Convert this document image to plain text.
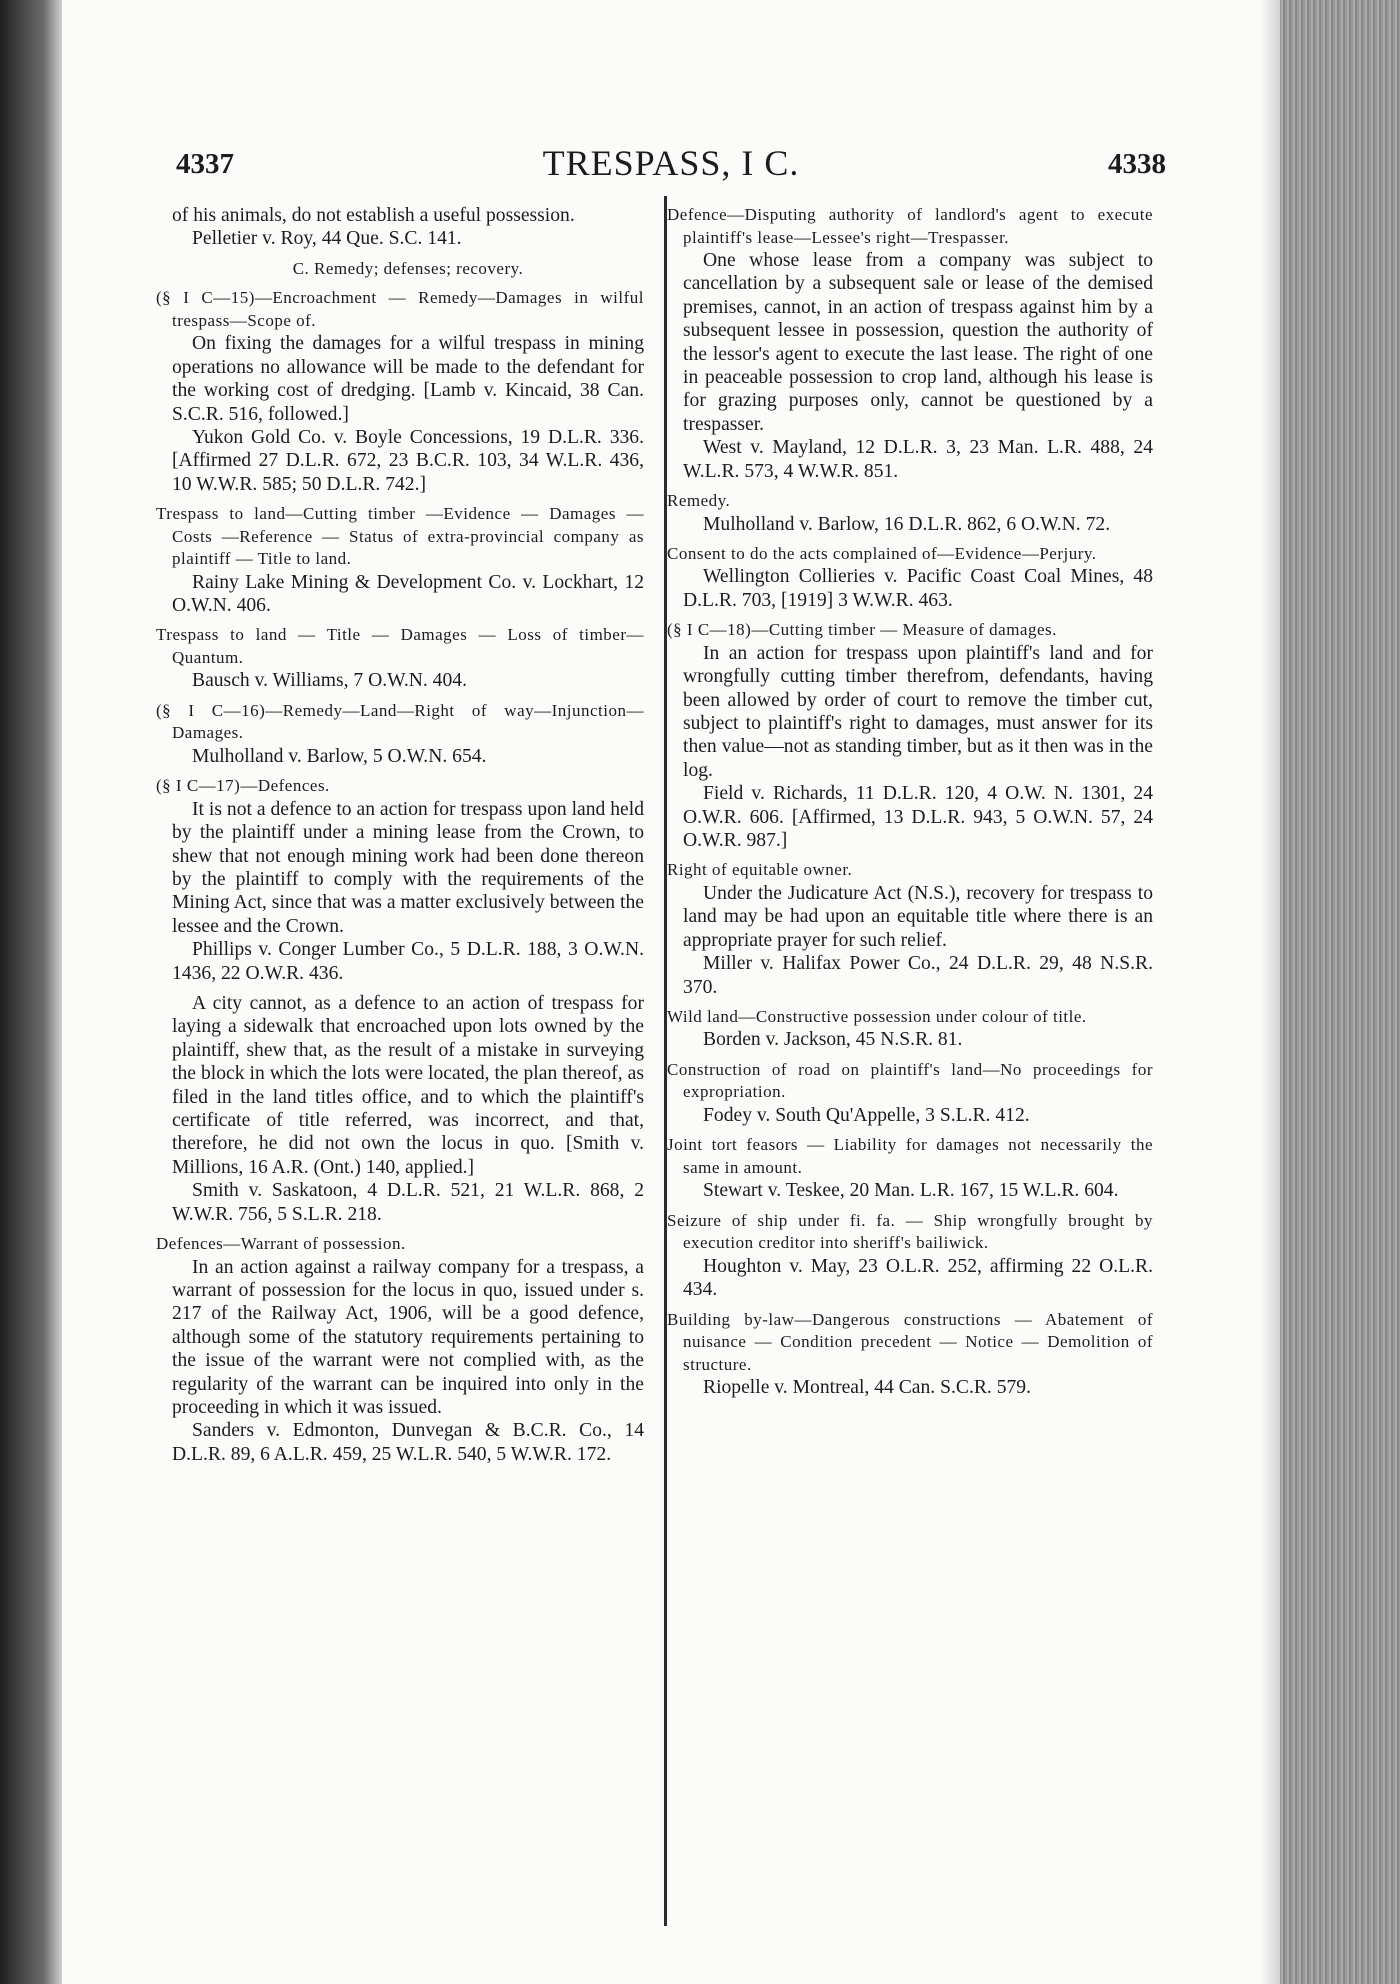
4337	TRESPASS, I C.	4338

of his animals, do not establish a useful possession.

Pelletier v. Roy, 44 Que. S.C. 141.

C. Remedy; defenses; recovery.

(§ I C—15)—Encroachment — Remedy—Damages in wilful trespass—Scope of.

On fixing the damages for a wilful trespass in mining operations no allowance will be made to the defendant for the working cost of dredging. [Lamb v. Kincaid, 38 Can. S.C.R. 516, followed.]

Yukon Gold Co. v. Boyle Concessions, 19 D.L.R. 336. [Affirmed 27 D.L.R. 672, 23 B.C.R. 103, 34 W.L.R. 436, 10 W.W.R. 585; 50 D.L.R. 742.]

Trespass to land—Cutting timber —Evidence — Damages — Costs —Reference — Status of extra-provincial company as plaintiff — Title to land.

Rainy Lake Mining & Development Co. v. Lockhart, 12 O.W.N. 406.

Trespass to land — Title — Damages — Loss of timber—Quantum.

Bausch v. Williams, 7 O.W.N. 404.

(§ I C—16)—Remedy—Land—Right of way—Injunction—Damages.

Mulholland v. Barlow, 5 O.W.N. 654.

(§ I C—17)—Defences.

It is not a defence to an action for trespass upon land held by the plaintiff under a mining lease from the Crown, to shew that not enough mining work had been done thereon by the plaintiff to comply with the requirements of the Mining Act, since that was a matter exclusively between the lessee and the Crown.

Phillips v. Conger Lumber Co., 5 D.L.R. 188, 3 O.W.N. 1436, 22 O.W.R. 436.

A city cannot, as a defence to an action of trespass for laying a sidewalk that encroached upon lots owned by the plaintiff, shew that, as the result of a mistake in surveying the block in which the lots were located, the plan thereof, as filed in the land titles office, and to which the plaintiff's certificate of title referred, was incorrect, and that, therefore, he did not own the locus in quo. [Smith v. Millions, 16 A.R. (Ont.) 140, applied.]

Smith v. Saskatoon, 4 D.L.R. 521, 21 W.L.R. 868, 2 W.W.R. 756, 5 S.L.R. 218.

Defences—Warrant of possession.

In an action against a railway company for a trespass, a warrant of possession for the locus in quo, issued under s. 217 of the Railway Act, 1906, will be a good defence, although some of the statutory requirements pertaining to the issue of the warrant were not complied with, as the regularity of the warrant can be inquired into only in the proceeding in which it was issued.

Sanders v. Edmonton, Dunvegan & B.C.R. Co., 14 D.L.R. 89, 6 A.L.R. 459, 25 W.L.R. 540, 5 W.W.R. 172.

Defence—Disputing authority of landlord's agent to execute plaintiff's lease—Lessee's right—Trespasser.

One whose lease from a company was subject to cancellation by a subsequent sale or lease of the demised premises, cannot, in an action of trespass against him by a subsequent lessee in possession, question the authority of the lessor's agent to execute the last lease. The right of one in peaceable possession to crop land, although his lease is for grazing purposes only, cannot be questioned by a trespasser.

West v. Mayland, 12 D.L.R. 3, 23 Man. L.R. 488, 24 W.L.R. 573, 4 W.W.R. 851.

Remedy.

Mulholland v. Barlow, 16 D.L.R. 862, 6 O.W.N. 72.

Consent to do the acts complained of—Evidence—Perjury.

Wellington Collieries v. Pacific Coast Coal Mines, 48 D.L.R. 703, [1919] 3 W.W.R. 463.

(§ I C—18)—Cutting timber — Measure of damages.

In an action for trespass upon plaintiff's land and for wrongfully cutting timber therefrom, defendants, having been allowed by order of court to remove the timber cut, subject to plaintiff's right to damages, must answer for its then value—not as standing timber, but as it then was in the log.

Field v. Richards, 11 D.L.R. 120, 4 O.W. N. 1301, 24 O.W.R. 606. [Affirmed, 13 D.L.R. 943, 5 O.W.N. 57, 24 O.W.R. 987.]

Right of equitable owner.

Under the Judicature Act (N.S.), recovery for trespass to land may be had upon an equitable title where there is an appropriate prayer for such relief.

Miller v. Halifax Power Co., 24 D.L.R. 29, 48 N.S.R. 370.

Wild land—Constructive possession under colour of title.

Borden v. Jackson, 45 N.S.R. 81.

Construction of road on plaintiff's land—No proceedings for expropriation.

Fodey v. South Qu'Appelle, 3 S.L.R. 412.

Joint tort feasors — Liability for damages not necessarily the same in amount.

Stewart v. Teskee, 20 Man. L.R. 167, 15 W.L.R. 604.

Seizure of ship under fi. fa. — Ship wrongfully brought by execution creditor into sheriff's bailiwick.

Houghton v. May, 23 O.L.R. 252, affirming 22 O.L.R. 434.

Building by-law—Dangerous constructions — Abatement of nuisance — Condition precedent — Notice — Demolition of structure.

Riopelle v. Montreal, 44 Can. S.C.R. 579.
